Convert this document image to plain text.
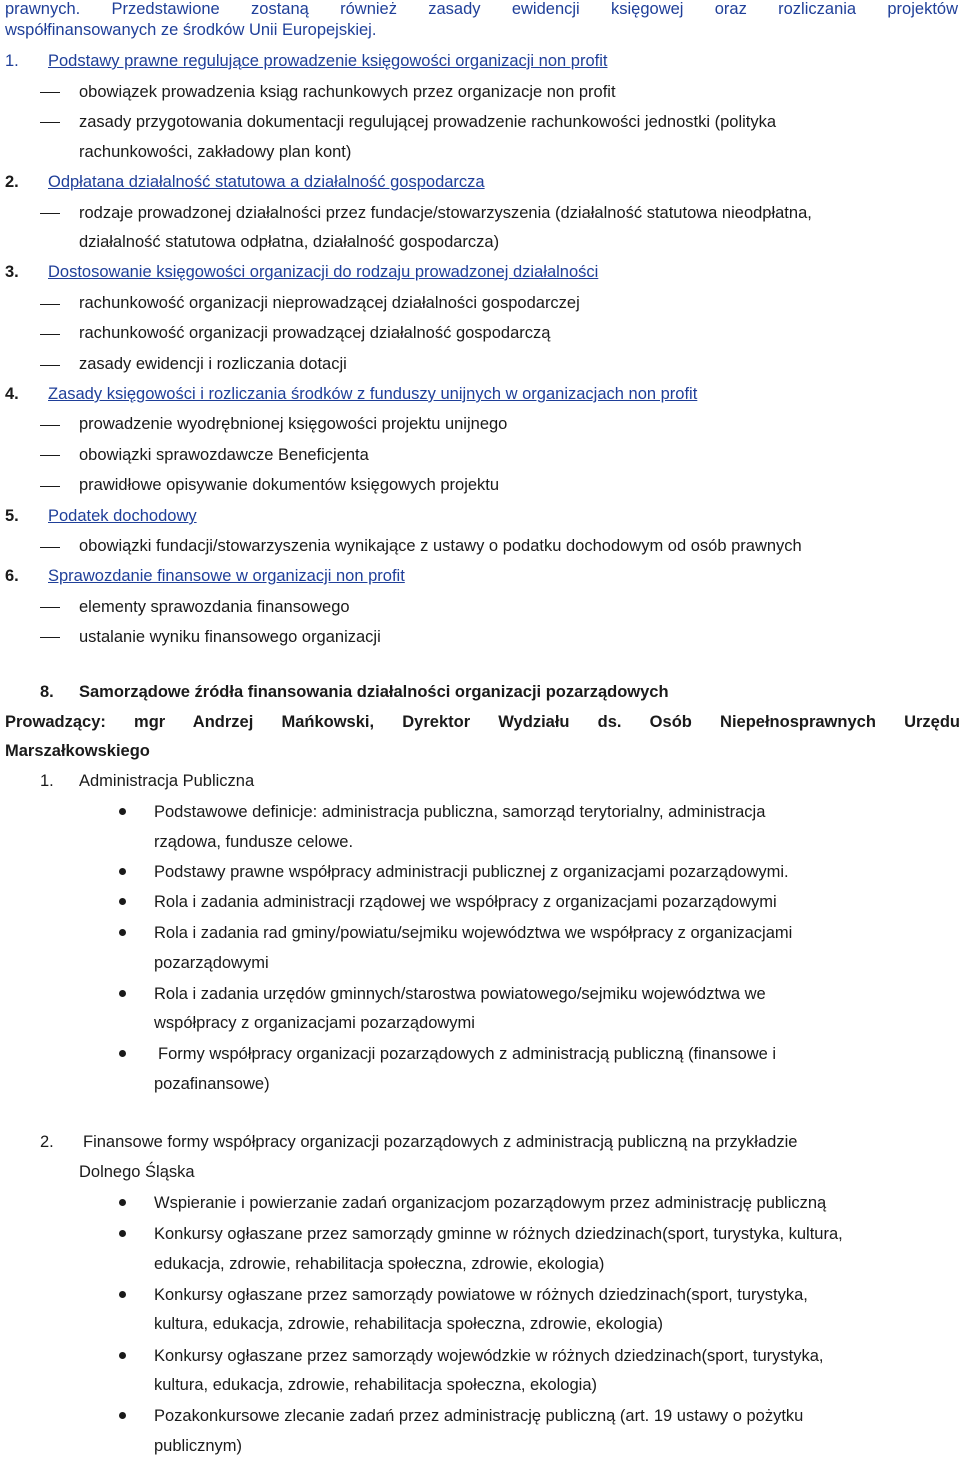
prawnych. Przedstawione zostaną również zasady ewidencji księgowej oraz rozliczania projektów
współfinansowanych ze środków Unii Europejskiej.
1. Podstawy prawne regulujące prowadzenie księgowości organizacji non profit
obowiązek prowadzenia ksiąg rachunkowych przez organizacje non profit
zasady przygotowania dokumentacji regulującej prowadzenie rachunkowości jednostki (polityka
rachunkowości, zakładowy plan kont)
2. Odpłatana działalność statutowa a działalność gospodarcza
rodzaje prowadzonej działalności przez fundacje/stowarzyszenia (działalność statutowa nieodpłatna,
działalność statutowa odpłatna, działalność gospodarcza)
3. Dostosowanie księgowości organizacji do rodzaju prowadzonej działalności
rachunkowość organizacji nieprowadzącej działalności gospodarczej
rachunkowość organizacji prowadzącej działalność gospodarczą
zasady ewidencji i rozliczania dotacji
4. Zasady księgowości i rozliczania środków z funduszy unijnych w organizacjach non profit
prowadzenie wyodrębnionej księgowości projektu unijnego
obowiązki sprawozdawcze Beneficjenta
prawidłowe opisywanie dokumentów księgowych projektu
5. Podatek dochodowy
obowiązki fundacji/stowarzyszenia wynikające z ustawy o podatku dochodowym od osób prawnych
6. Sprawozdanie finansowe w organizacji non profit
elementy sprawozdania finansowego
ustalanie wyniku finansowego organizacji
8. Samorządowe źródła finansowania działalności organizacji pozarządowych
Prowadzący: mgr Andrzej Mańkowski, Dyrektor Wydziału ds. Osób Niepełnosprawnych Urzędu
Marszałkowskiego
1. Administracja Publiczna
Podstawowe definicje: administracja publiczna, samorząd terytorialny, administracja
rządowa, fundusze celowe.
Podstawy prawne współpracy administracji publicznej z organizacjami pozarządowymi.
Rola i zadania administracji rządowej we współpracy z organizacjami pozarządowymi
Rola i zadania rad gminy/powiatu/sejmiku województwa we współpracy z organizacjami
pozarządowymi
Rola i zadania urzędów gminnych/starostwa powiatowego/sejmiku województwa we
współpracy z organizacjami pozarządowymi
Formy współpracy organizacji pozarządowych z administracją publiczną (finansowe i
pozafinansowe)
2. Finansowe formy współpracy organizacji pozarządowych z administracją publiczną na przykładzie
Dolnego Śląska
Wspieranie i powierzanie zadań organizacjom pozarządowym przez administrację publiczną
Konkursy ogłaszane przez samorządy gminne w różnych dziedzinach(sport, turystyka, kultura,
edukacja, zdrowie, rehabilitacja społeczna, zdrowie, ekologia)
Konkursy ogłaszane przez samorządy powiatowe w różnych dziedzinach(sport, turystyka,
kultura, edukacja, zdrowie, rehabilitacja społeczna, zdrowie, ekologia)
Konkursy ogłaszane przez samorządy wojewódzkie w różnych dziedzinach(sport, turystyka,
kultura, edukacja, zdrowie, rehabilitacja społeczna, ekologia)
Pozakonkursowe zlecanie zadań przez administrację publiczną (art. 19 ustawy o pożytku
publicznym)
